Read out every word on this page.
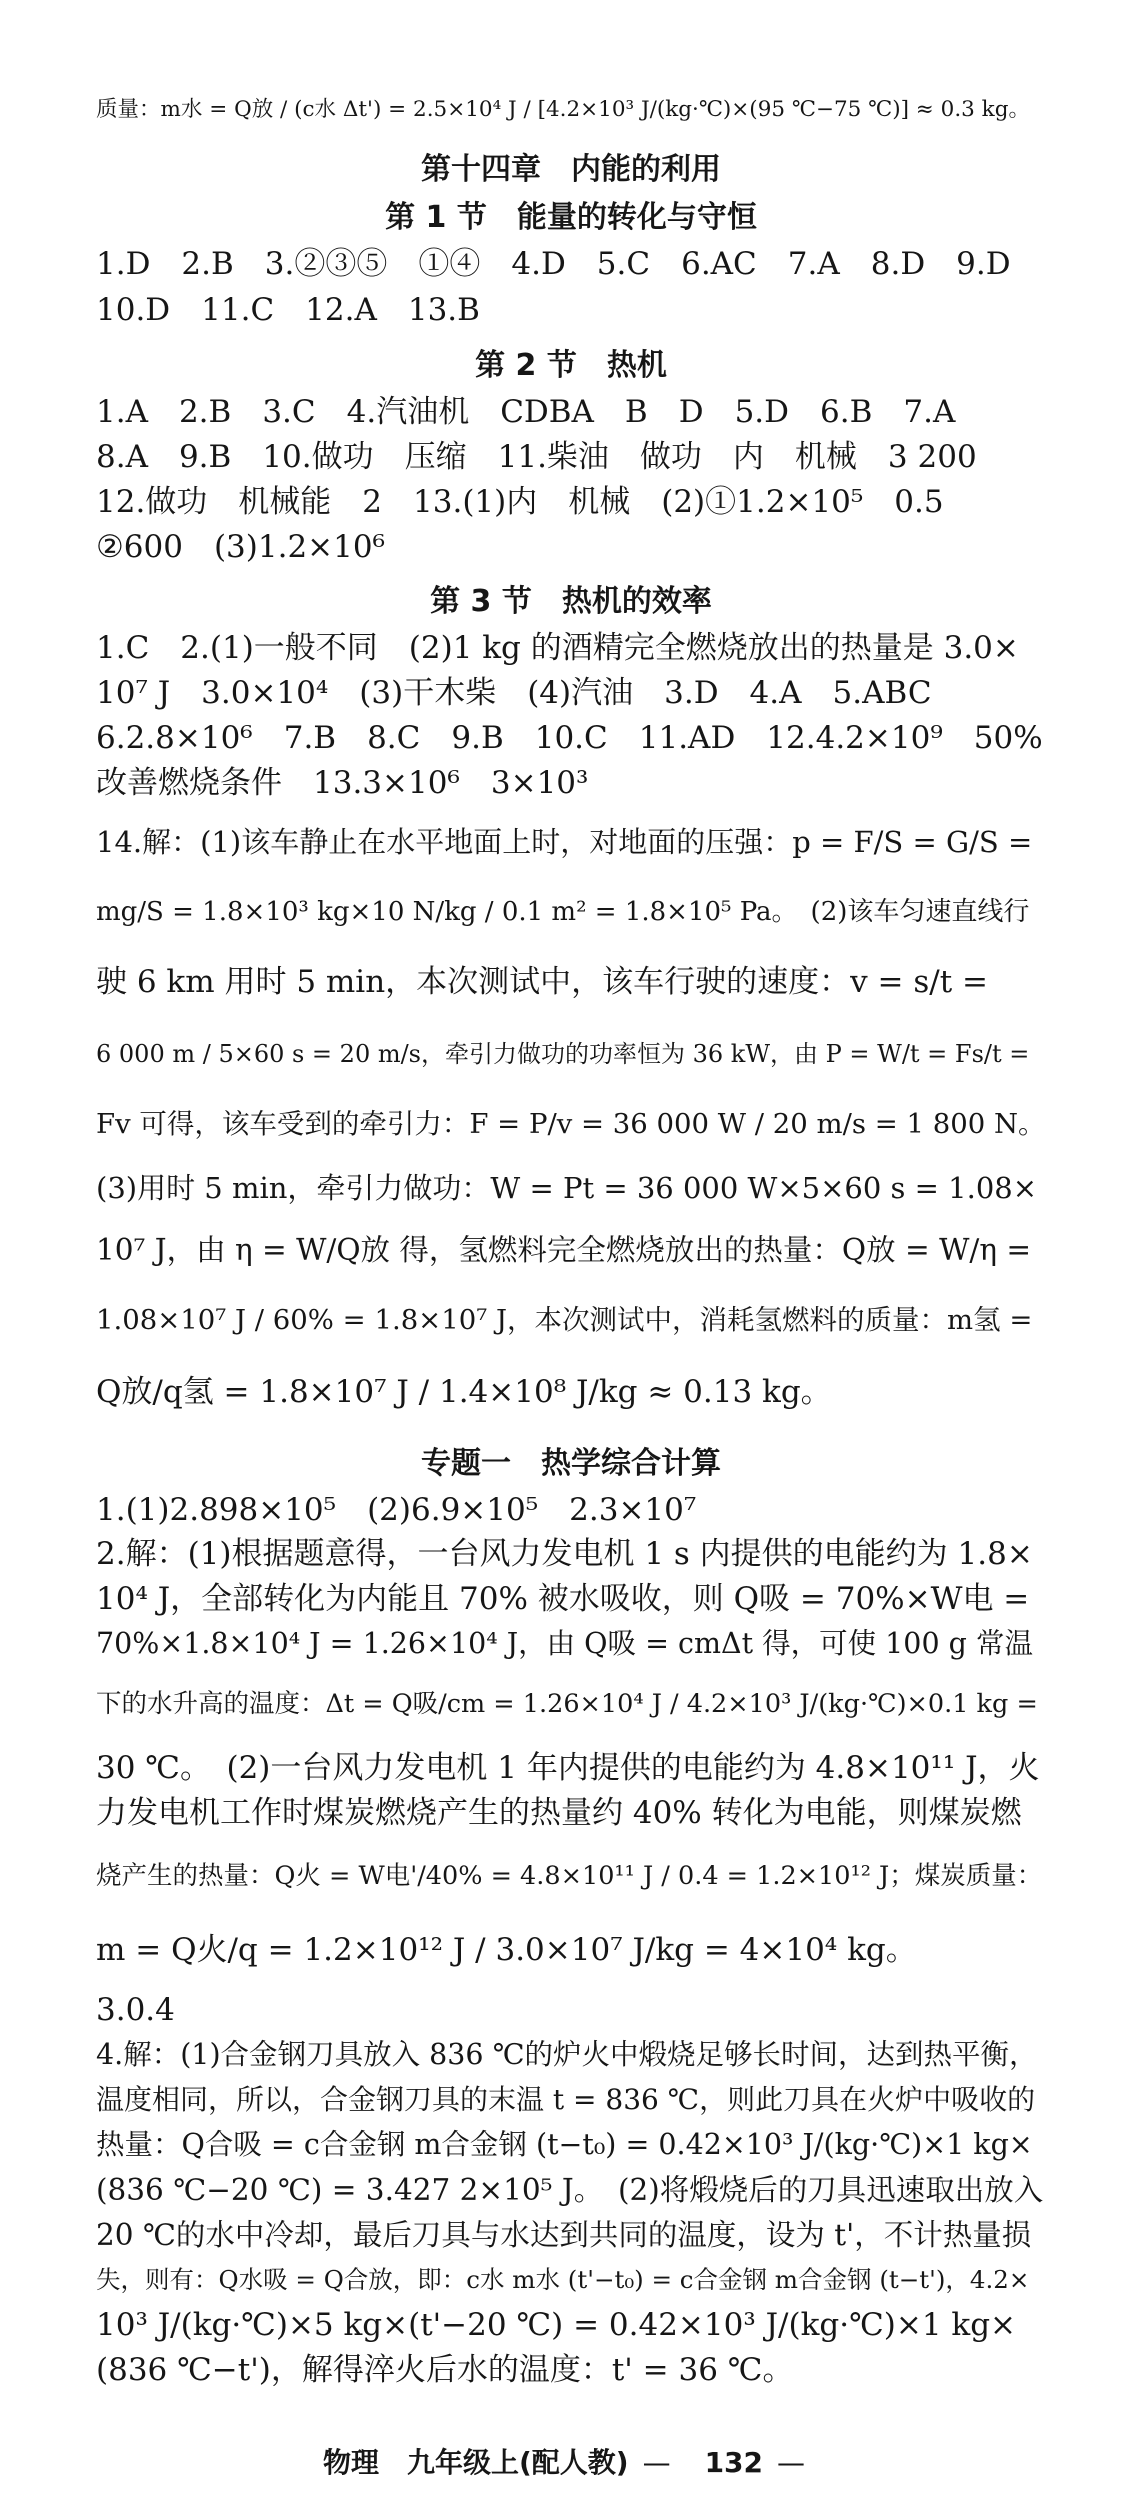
质量：m水 = Q放 / (c水 Δt') = 2.5×10⁴ J / [4.2×10³ J/(kg·℃)×(95 ℃−75 ℃)] ≈ 0.3 kg。
第十四章　内能的利用
第 1 节　能量的转化与守恒
1.D　2.B　3.②③⑤　①④　4.D　5.C　6.AC　7.A　8.D　9.D
10.D　11.C　12.A　13.B
第 2 节　热机
1.A　2.B　3.C　4.汽油机　CDBA　B　D　5.D　6.B　7.A
8.A　9.B　10.做功　压缩　11.柴油　做功　内　机械　3 200
12.做功　机械能　2　13.(1)内　机械　(2)①1.2×10⁵　0.5
②600　(3)1.2×10⁶
第 3 节　热机的效率
1.C　2.(1)一般不同　(2)1 kg 的酒精完全燃烧放出的热量是 3.0×
10⁷ J　3.0×10⁴　(3)干木柴　(4)汽油　3.D　4.A　5.ABC
6.2.8×10⁶　7.B　8.C　9.B　10.C　11.AD　12.4.2×10⁹　50%
改善燃烧条件　13.3×10⁶　3×10³
14.解：(1)该车静止在水平地面上时，对地面的压强：p = F/S = G/S =
mg/S = 1.8×10³ kg×10 N/kg / 0.1 m² = 1.8×10⁵ Pa。　(2)该车匀速直线行
驶 6 km 用时 5 min，本次测试中，该车行驶的速度：v = s/t =
6 000 m / 5×60 s = 20 m/s，牵引力做功的功率恒为 36 kW，由 P = W/t = Fs/t =
Fv 可得，该车受到的牵引力：F = P/v = 36 000 W / 20 m/s = 1 800 N。
(3)用时 5 min，牵引力做功：W = Pt = 36 000 W×5×60 s = 1.08×
10⁷ J，由 η = W/Q放 得，氢燃料完全燃烧放出的热量：Q放 = W/η =
1.08×10⁷ J / 60% = 1.8×10⁷ J，本次测试中，消耗氢燃料的质量：m氢 =
Q放/q氢 = 1.8×10⁷ J / 1.4×10⁸ J/kg ≈ 0.13 kg。
专题一　热学综合计算
1.(1)2.898×10⁵　(2)6.9×10⁵　2.3×10⁷
2.解：(1)根据题意得，一台风力发电机 1 s 内提供的电能约为 1.8×
10⁴ J，全部转化为内能且 70% 被水吸收，则 Q吸 = 70%×W电 =
70%×1.8×10⁴ J = 1.26×10⁴ J，由 Q吸 = cmΔt 得，可使 100 g 常温
下的水升高的温度：Δt = Q吸/cm = 1.26×10⁴ J / 4.2×10³ J/(kg·℃)×0.1 kg =
30 ℃。　(2)一台风力发电机 1 年内提供的电能约为 4.8×10¹¹ J，火
力发电机工作时煤炭燃烧产生的热量约 40% 转化为电能，则煤炭燃
烧产生的热量：Q火 = W电'/40% = 4.8×10¹¹ J / 0.4 = 1.2×10¹² J；煤炭质量：
m = Q火/q = 1.2×10¹² J / 3.0×10⁷ J/kg = 4×10⁴ kg。
3.0.4
4.解：(1)合金钢刀具放入 836 ℃的炉火中煅烧足够长时间，达到热平衡，
温度相同，所以，合金钢刀具的末温 t = 836 ℃，则此刀具在火炉中吸收的
热量：Q合吸 = c合金钢 m合金钢 (t−t₀) = 0.42×10³ J/(kg·℃)×1 kg×
(836 ℃−20 ℃) = 3.427 2×10⁵ J。　(2)将煅烧后的刀具迅速取出放入
20 ℃的水中冷却，最后刀具与水达到共同的温度，设为 t'，不计热量损
失，则有：Q水吸 = Q合放，即：c水 m水 (t'−t₀) = c合金钢 m合金钢 (t−t')，4.2×
10³ J/(kg·℃)×5 kg×(t'−20 ℃) = 0.42×10³ J/(kg·℃)×1 kg×
(836 ℃−t')，解得淬火后水的温度：t' = 36 ℃。
物理　九年级上(配人教) — 132 —
